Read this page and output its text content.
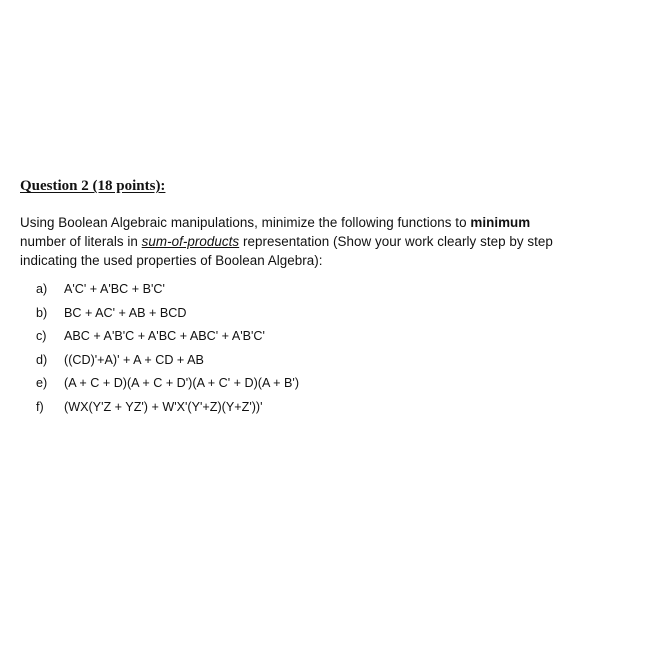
Question 2 (18 points):

Using Boolean Algebraic manipulations, minimize the following functions to minimum
number of literals in sum-of-products representation (Show your work clearly step by step
indicating the used properties of Boolean Algebra):

a)	A'C' + A'BC + B'C'
b)	BC + AC' + AB + BCD
c)	ABC + A'B'C + A'BC + ABC' + A'B'C'
d)	((CD)'+A)' + A + CD + AB
e)	(A + C + D)(A + C + D')(A + C' + D)(A + B')
f)	(WX(Y'Z + YZ') + W'X'(Y'+Z)(Y+Z'))'
